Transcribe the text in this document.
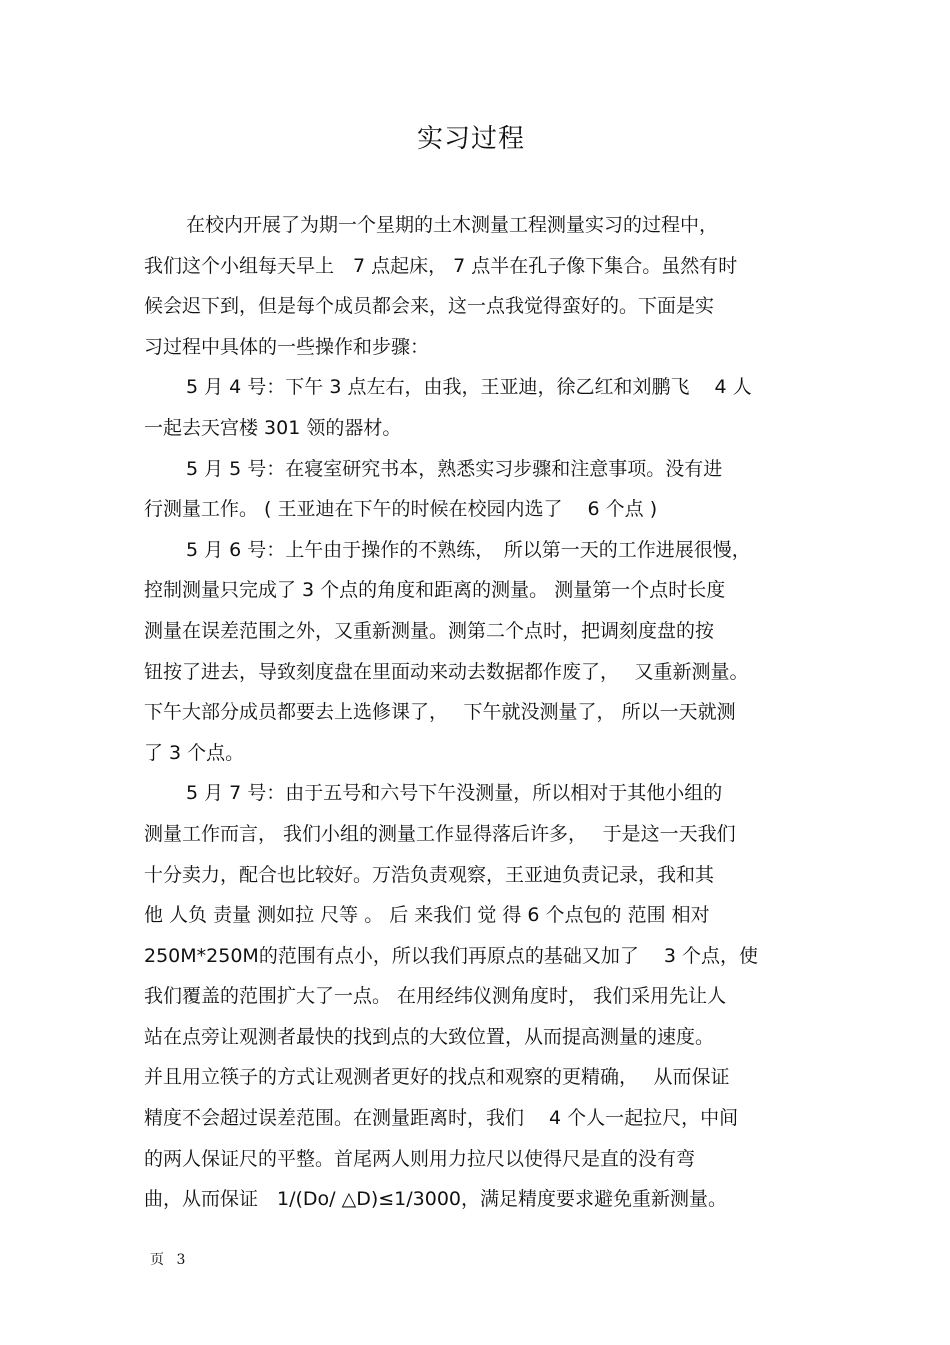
实习过程
在校内开展了为期一个星期的土木测量工程测量实习的过程中，
我们这个小组每天早上　7 点起床， 7 点半在孔子像下集合。虽然有时
候会迟下到，但是每个成员都会来，这一点我觉得蛮好的。下面是实
习过程中具体的一些操作和步骤：
5 月 4 号：下午 3 点左右，由我，王亚迪，徐乙红和刘鹏飞　 4 人
一起去天宫楼 301 领的器材。
5 月 5 号：在寝室研究书本，熟悉实习步骤和注意事项。没有进
行测量工作。 ( 王亚迪在下午的时候在校园内选了　 6 个点 )
5 月 6 号：上午由于操作的不熟练，　所以第一天的工作进展很慢，
控制测量只完成了 3 个点的角度和距离的测量。 测量第一个点时长度
测量在误差范围之外，又重新测量。测第二个点时，把调刻度盘的按
钮按了进去，导致刻度盘在里面动来动去数据都作废了，　 又重新测量。
下午大部分成员都要去上选修课了，　 下午就没测量了， 所以一天就测
了 3 个点。
5 月 7 号：由于五号和六号下午没测量，所以相对于其他小组的
测量工作而言， 我们小组的测量工作显得落后许多，　 于是这一天我们
十分卖力，配合也比较好。万浩负责观察，王亚迪负责记录，我和其
他 人负 责量 测如拉 尺等 。 后 来我们 觉 得 6 个点包的 范围 相对
250M*250M的范围有点小，所以我们再原点的基础又加了　 3 个点，使
我们覆盖的范围扩大了一点。 在用经纬仪测角度时， 我们采用先让人
站在点旁让观测者最快的找到点的大致位置，从而提高测量的速度。
并且用立筷子的方式让观测者更好的找点和观察的更精确，　 从而保证
精度不会超过误差范围。在测量距离时，我们　 4 个人一起拉尺，中间
的两人保证尺的平整。首尾两人则用力拉尺以使得尺是直的没有弯
曲，从而保证　1/(Do/ △D)≤1/3000，满足精度要求避免重新测量。
页 3
